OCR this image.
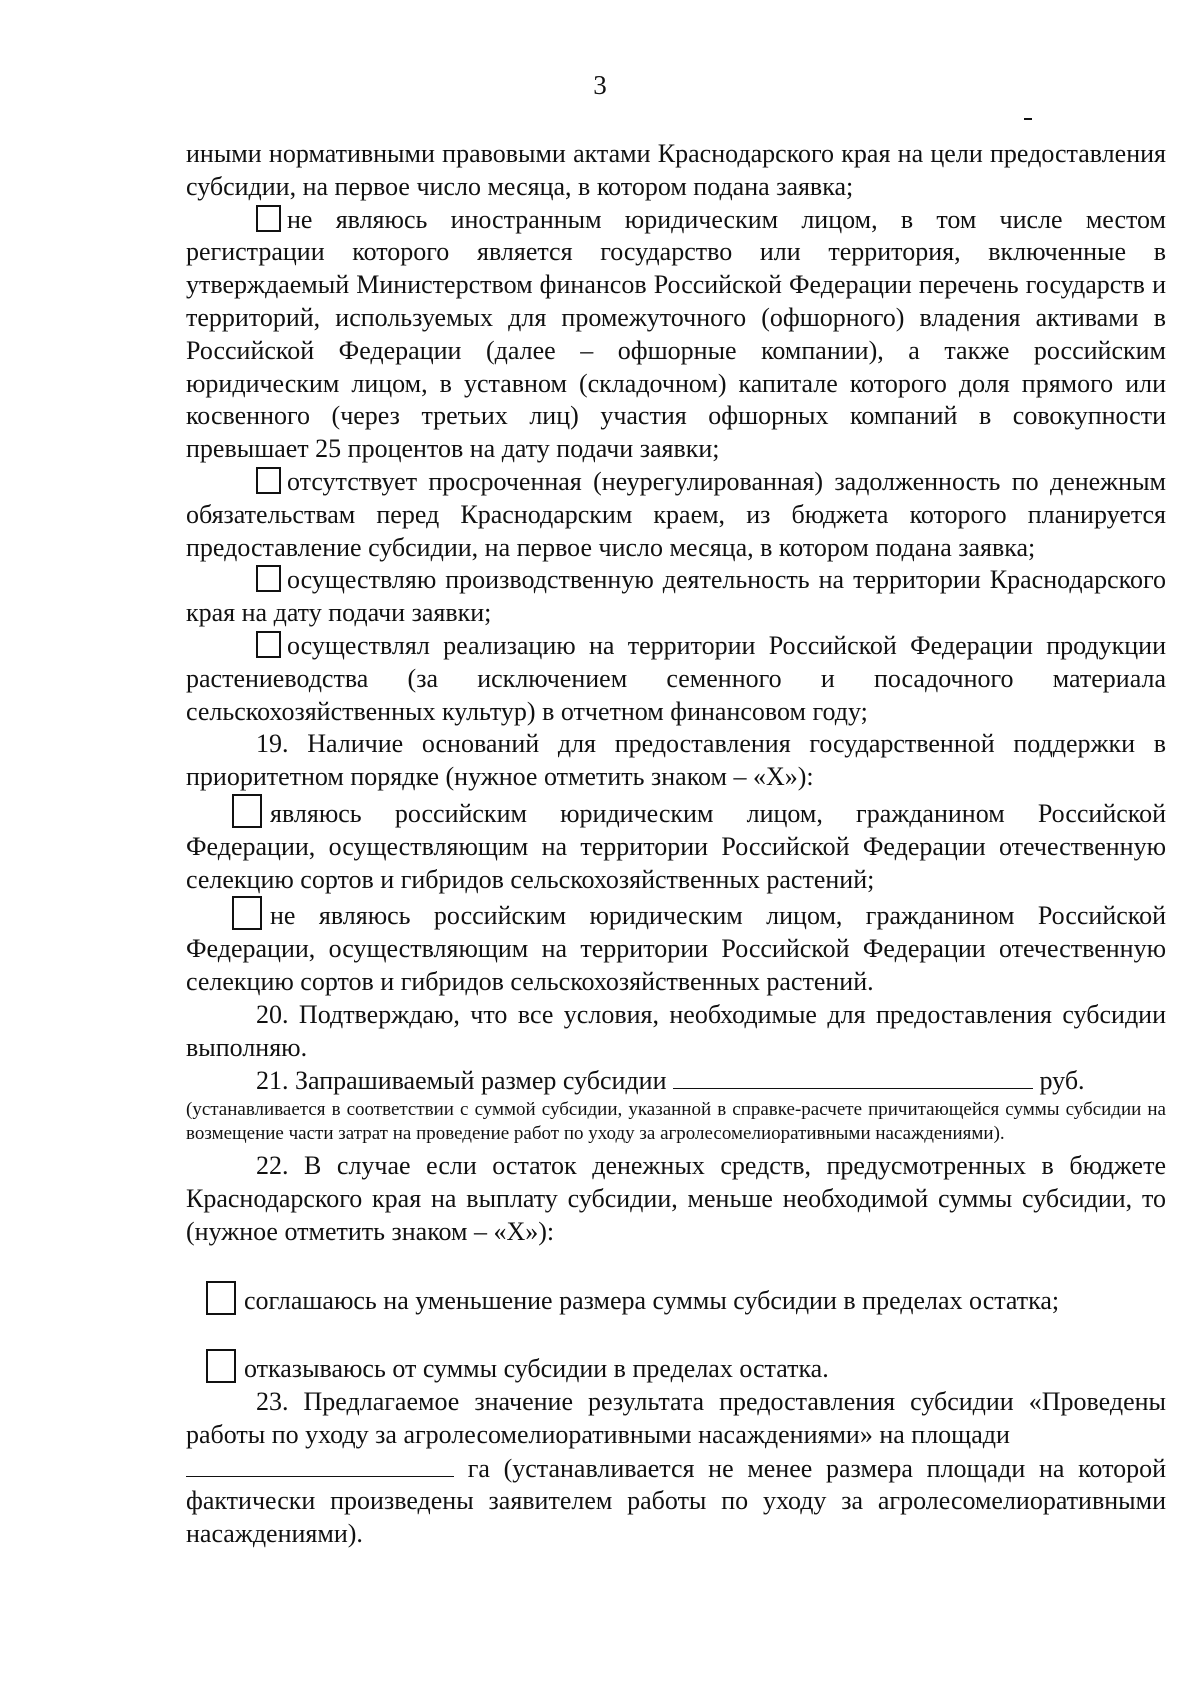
3

иными нормативными правовыми актами Краснодарского края на цели предоставления субсидии, на первое число месяца, в котором подана заявка;

не являюсь иностранным юридическим лицом, в том числе местом регистрации которого является государство или территория, включенные в утверждаемый Министерством финансов Российской Федерации перечень государств и территорий, используемых для промежуточного (офшорного) владения активами в Российской Федерации (далее – офшорные компании), а также российским юридическим лицом, в уставном (складочном) капитале которого доля прямого или косвенного (через третьих лиц) участия офшорных компаний в совокупности превышает 25 процентов на дату подачи заявки;

отсутствует просроченная (неурегулированная) задолженность по денежным обязательствам перед Краснодарским краем, из бюджета которого планируется предоставление субсидии, на первое число месяца, в котором подана заявка;

осуществляю производственную деятельность на территории Краснодарского края на дату подачи заявки;

осуществлял реализацию на территории Российской Федерации продукции растениеводства (за исключением семенного и посадочного материала сельскохозяйственных культур) в отчетном финансовом году;

19. Наличие оснований для предоставления государственной поддержки в приоритетном порядке (нужное отметить знаком – «Х»):

являюсь российским юридическим лицом, гражданином Российской Федерации, осуществляющим на территории Российской Федерации отечественную селекцию сортов и гибридов сельскохозяйственных растений;

не являюсь российским юридическим лицом, гражданином Российской Федерации, осуществляющим на территории Российской Федерации отечественную селекцию сортов и гибридов сельскохозяйственных растений.

20. Подтверждаю, что все условия, необходимые для предоставления субсидии выполняю.

21. Запрашиваемый размер субсидии	руб.

(устанавливается в соответствии с суммой субсидии, указанной в справке-расчете причитающейся суммы субсидии на возмещение части затрат на проведение работ по уходу за агролесомелиоративными насаждениями).

22. В случае если остаток денежных средств, предусмотренных в бюджете Краснодарского края на выплату субсидии, меньше необходимой суммы субсидии, то (нужное отметить знаком – «Х»):

соглашаюсь на уменьшение размера суммы субсидии в пределах остатка;

отказываюсь от суммы субсидии в пределах остатка.

23. Предлагаемое значение результата предоставления субсидии «Проведены работы по уходу за агролесомелиоративными насаждениями» на площади

га (устанавливается не менее размера площади на которой фактически произведены заявителем работы по уходу за агролесомелиоративными насаждениями).
